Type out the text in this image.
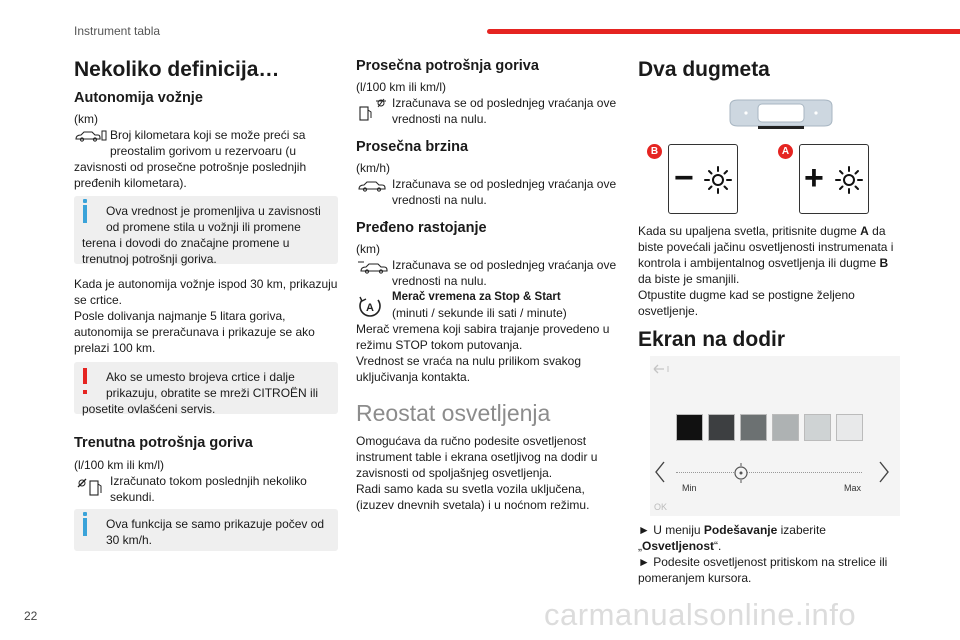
Instrument tabla
Nekoliko definicija…
Autonomija vožnje
(km)
Broj kilometara koji se može preći sa preostalim gorivom u rezervoaru (u
zavisnosti od prosečne potrošnje poslednjih pređenih kilometara).
Ova vrednost je promenljiva u zavisnosti od promene stila u vožnji ili promene
terena i dovodi do značajne promene u trenutnoj potrošnji goriva.
Kada je autonomija vožnje ispod 30 km, prikazuju se crtice.
Posle dolivanja najmanje 5 litara goriva, autonomija se preračunava i prikazuje se ako prelazi 100 km.
Ako se umesto brojeva crtice i dalje prikazuju, obratite se mreži CITROËN ili
posetite ovlašćeni servis.
Trenutna potrošnja goriva
(l/100 km ili km/l)
Izračunato tokom poslednjih nekoliko sekundi.
Ova funkcija se samo prikazuje počev od 30 km/h.
Prosečna potrošnja goriva
(l/100 km ili km/l)
Izračunava se od poslednjeg vraćanja ove vrednosti na nulu.
Prosečna brzina
(km/h)
Izračunava se od poslednjeg vraćanja ove vrednosti na nulu.
Pređeno rastojanje
(km)
Izračunava se od poslednjeg vraćanja ove vrednosti na nulu.
A
Merač vremena za Stop & Start
(minuti / sekunde ili sati / minute)
Merač vremena koji sabira trajanje provedeno u režimu STOP tokom putovanja.
Vrednost se vraća na nulu prilikom svakog uključivanja kontakta.
Reostat osvetljenja
Omogućava da ručno podesite osvetljenost instrument table i ekrana osetljivog na dodir u zavisnosti od spoljašnjeg osvetljenja.
Radi samo kada su svetla vozila uključena, (izuzev dnevnih svetala) i u noćnom režimu.
Dva dugmeta
B
−
A
+
Kada su upaljena svetla, pritisnite dugme A da biste povećali jačinu osvetljenosti instrumenata i kontrola i ambijentalnog osvetljenja ili dugme B da biste je smanjili.
Otpustite dugme kad se postigne željeno osvetljenje.
Ekran na dodir
Min	Max
OK
► U meniju Podešavanje izaberite
„Osvetljenost“.
► Podesite osvetljenost pritiskom na strelice ili pomeranjem kursora.
22	carmanualsonline.info
